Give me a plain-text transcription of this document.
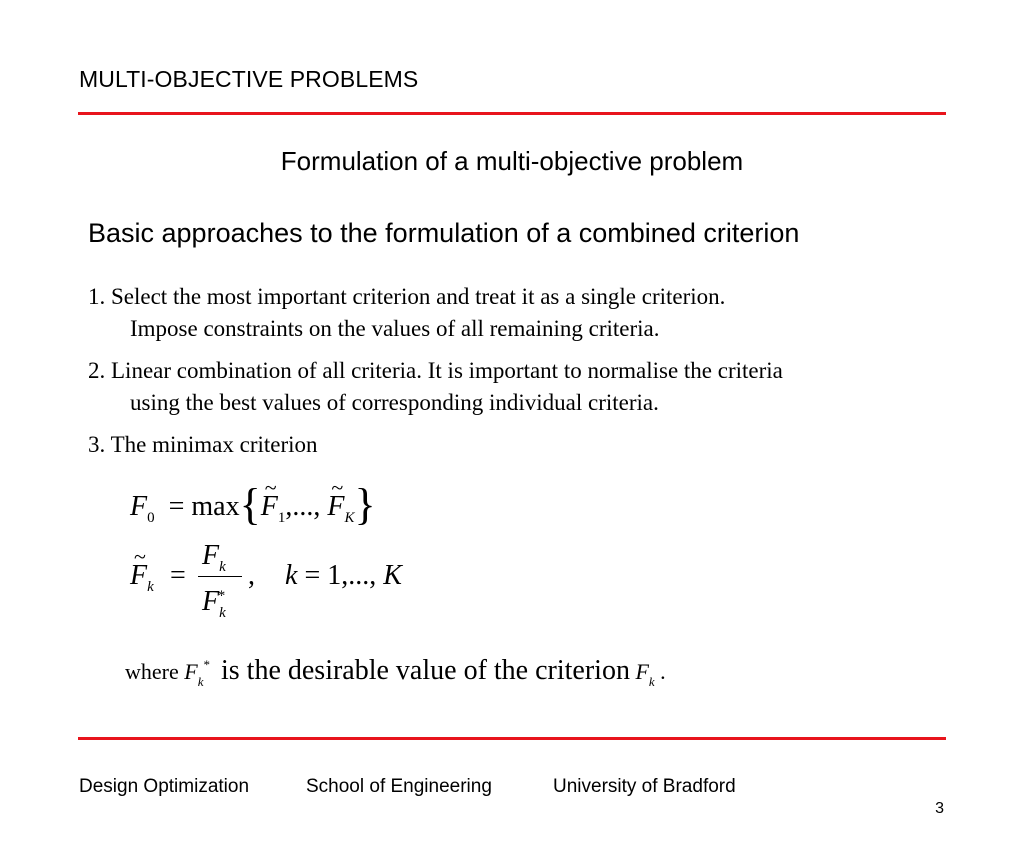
MULTI-OBJECTIVE PROBLEMS
Formulation of a multi-objective problem
Basic approaches to the formulation of a combined criterion
1. Select the most important criterion and treat it as a single criterion.
Impose constraints on the values of all remaining criteria.
2. Linear combination of all criteria. It is important to normalise the criteria
using the best values of corresponding individual criteria.
3. The minimax criterion
$F_0$  = max{~ $F_1$,..., ~ $F_K$}
~ $F_k$ =
$F_k$
$F_k^*$
, k = 1,..., K
where $F_k^*$ is the desirable value of the criterion $F_k$ .
Design Optimization	School of Engineering	University of Bradford
3
